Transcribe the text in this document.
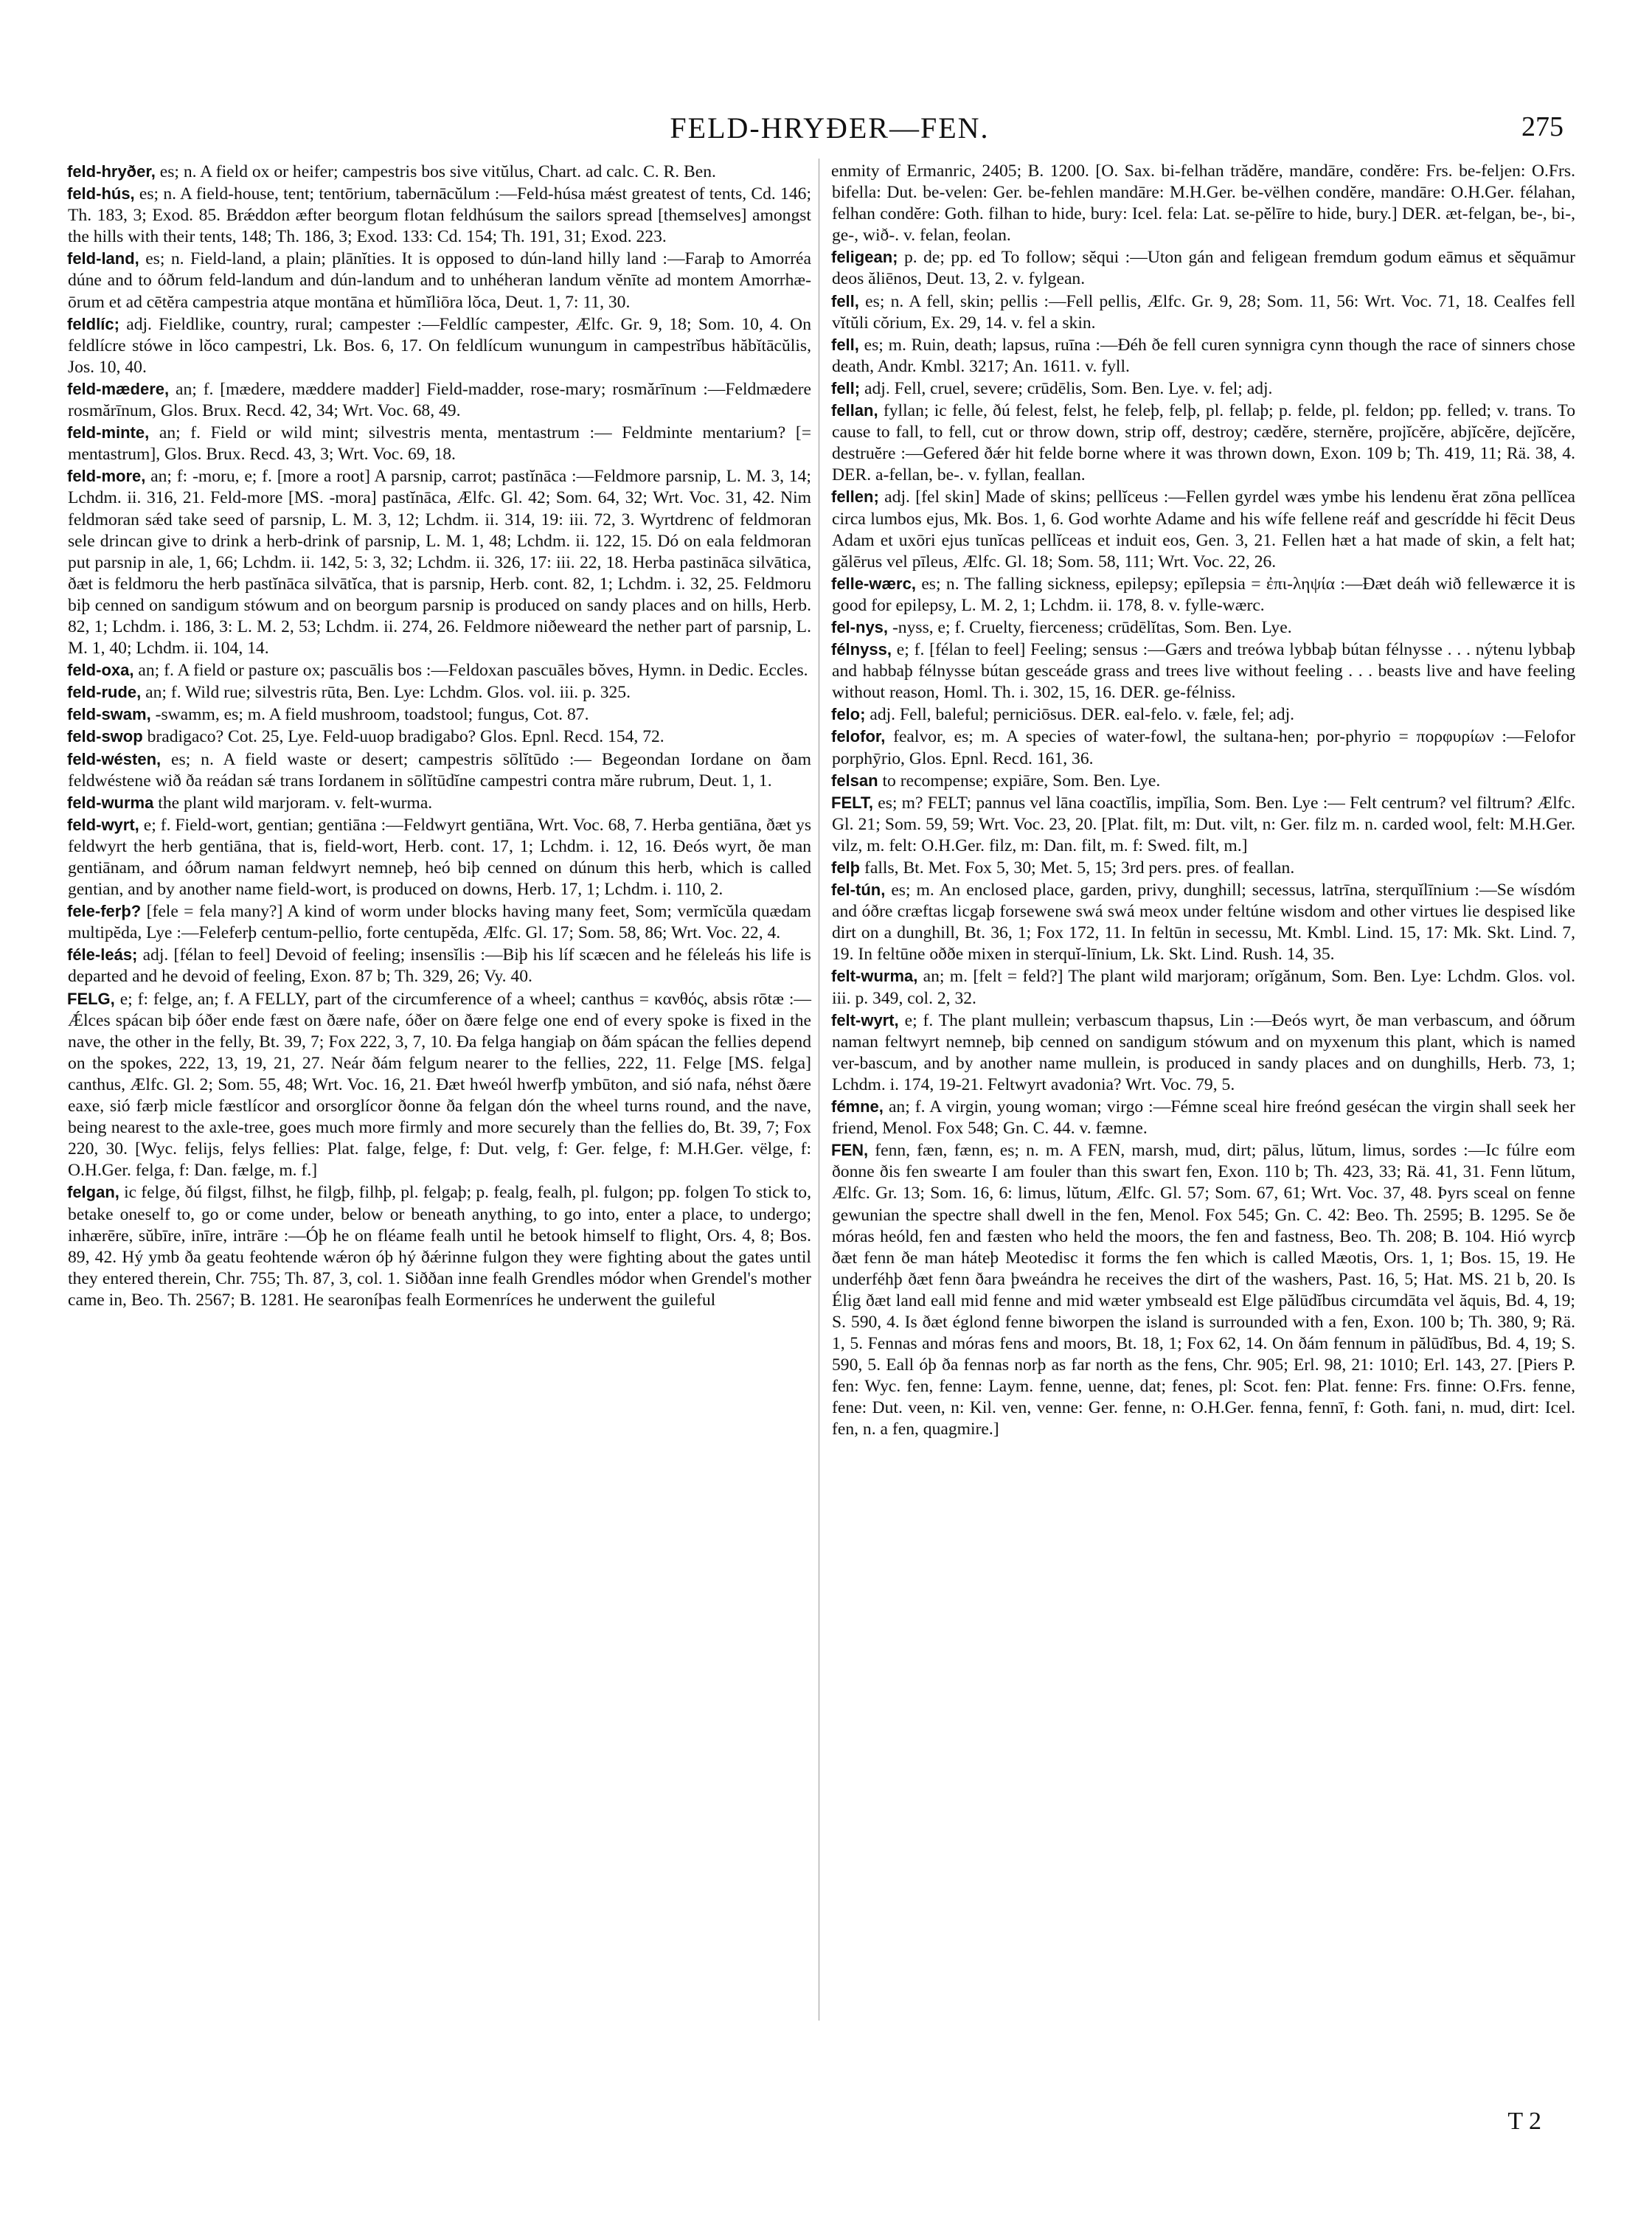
FELD-HRYÐER—FEN.	275

feld-hryðer, es; n. A field ox or heifer; campestris bos sive vitŭlus, Chart. ad calc. C. R. Ben.

feld-hús, es; n. A field-house, tent; tentōrium, tabernācŭlum :—Feld-húsa mǽst greatest of tents, Cd. 146; Th. 183, 3; Exod. 85. Brǽddon æfter beorgum flotan feldhúsum the sailors spread [themselves] amongst the hills with their tents, 148; Th. 186, 3; Exod. 133: Cd. 154; Th. 191, 31; Exod. 223.

feld-land, es; n. Field-land, a plain; plānĭties. It is opposed to dún-land hilly land :—Faraþ to Amorréa dúne and to óðrum feld-landum and dún-landum and to unhéheran landum vĕnīte ad montem Amorrhæ-ōrum et ad cētĕra campestria atque montāna et hŭmĭliōra lŏca, Deut. 1, 7: 11, 30.

feldlíc; adj. Fieldlike, country, rural; campester :—Feldlíc campester, Ælfc. Gr. 9, 18; Som. 10, 4. On feldlícre stówe in lŏco campestri, Lk. Bos. 6, 17. On feldlícum wunungum in campestrĭbus hăbĭtācŭlis, Jos. 10, 40.

feld-mædere, an; f. [mædere, mæddere madder] Field-madder, rose-mary; rosmărīnum :—Feldmædere rosmărīnum, Glos. Brux. Recd. 42, 34; Wrt. Voc. 68, 49.

feld-minte, an; f. Field or wild mint; silvestris menta, mentastrum :— Feldminte mentarium? [= mentastrum], Glos. Brux. Recd. 43, 3; Wrt. Voc. 69, 18.

feld-more, an; f: -moru, e; f. [more a root] A parsnip, carrot; pastĭnāca :—Feldmore parsnip, L. M. 3, 14; Lchdm. ii. 316, 21. Feld-more [MS. -mora] pastĭnāca, Ælfc. Gl. 42; Som. 64, 32; Wrt. Voc. 31, 42. Nim feldmoran sǽd take seed of parsnip, L. M. 3, 12; Lchdm. ii. 314, 19: iii. 72, 3. Wyrtdrenc of feldmoran sele drincan give to drink a herb-drink of parsnip, L. M. 1, 48; Lchdm. ii. 122, 15. Dó on eala feldmoran put parsnip in ale, 1, 66; Lchdm. ii. 142, 5: 3, 32; Lchdm. ii. 326, 17: iii. 22, 18. Herba pastināca silvātica, ðæt is feldmoru the herb pastĭnāca silvātĭca, that is parsnip, Herb. cont. 82, 1; Lchdm. i. 32, 25. Feldmoru biþ cenned on sandigum stówum and on beorgum parsnip is produced on sandy places and on hills, Herb. 82, 1; Lchdm. i. 186, 3: L. M. 2, 53; Lchdm. ii. 274, 26. Feldmore niðeweard the nether part of parsnip, L. M. 1, 40; Lchdm. ii. 104, 14.

feld-oxa, an; f. A field or pasture ox; pascuālis bos :—Feldoxan pascuāles bŏves, Hymn. in Dedic. Eccles.

feld-rude, an; f. Wild rue; silvestris rūta, Ben. Lye: Lchdm. Glos. vol. iii. p. 325.

feld-swam, -swamm, es; m. A field mushroom, toadstool; fungus, Cot. 87.

feld-swop bradigaco? Cot. 25, Lye. Feld-uuop bradigabo? Glos. Epnl. Recd. 154, 72.

feld-wésten, es; n. A field waste or desert; campestris sōlĭtūdo :— Begeondan Iordane on ðam feldwéstene wið ða reádan sǽ trans Iordanem in sōlĭtūdĭne campestri contra măre rubrum, Deut. 1, 1.

feld-wurma the plant wild marjoram. v. felt-wurma.

feld-wyrt, e; f. Field-wort, gentian; gentiāna :—Feldwyrt gentiāna, Wrt. Voc. 68, 7. Herba gentiāna, ðæt ys feldwyrt the herb gentiāna, that is, field-wort, Herb. cont. 17, 1; Lchdm. i. 12, 16. Ðeós wyrt, ðe man gentiānam, and óðrum naman feldwyrt nemneþ, heó biþ cenned on dúnum this herb, which is called gentian, and by another name field-wort, is produced on downs, Herb. 17, 1; Lchdm. i. 110, 2.

fele-ferþ? [fele = fela many?] A kind of worm under blocks having many feet, Som; vermĭcŭla quædam multipĕda, Lye :—Feleferþ centum-pellio, forte centupĕda, Ælfc. Gl. 17; Som. 58, 86; Wrt. Voc. 22, 4.

féle-leás; adj. [félan to feel] Devoid of feeling; insensĭlis :—Biþ his líf scæcen and he féleleás his life is departed and he devoid of feeling, Exon. 87 b; Th. 329, 26; Vy. 40.

FELG, e; f: felge, an; f. A FELLY, part of the circumference of a wheel; canthus = κανθός, absis rōtæ :—Ǽlces spácan biþ óðer ende fæst on ðære nafe, óðer on ðære felge one end of every spoke is fixed in the nave, the other in the felly, Bt. 39, 7; Fox 222, 3, 7, 10. Ða felga hangiaþ on ðám spácan the fellies depend on the spokes, 222, 13, 19, 21, 27. Neár ðám felgum nearer to the fellies, 222, 11. Felge [MS. felga] canthus, Ælfc. Gl. 2; Som. 55, 48; Wrt. Voc. 16, 21. Ðæt hweól hwerfþ ymbūton, and sió nafa, néhst ðære eaxe, sió færþ micle fæstlícor and orsorglícor ðonne ða felgan dón the wheel turns round, and the nave, being nearest to the axle-tree, goes much more firmly and more securely than the fellies do, Bt. 39, 7; Fox 220, 30. [Wyc. felijs, felys fellies: Plat. falge, felge, f: Dut. velg, f: Ger. felge, f: M.H.Ger. vëlge, f: O.H.Ger. felga, f: Dan. fælge, m. f.]

felgan, ic felge, ðú filgst, filhst, he filgþ, filhþ, pl. felgaþ; p. fealg, fealh, pl. fulgon; pp. folgen To stick to, betake oneself to, go or come under, below or beneath anything, to go into, enter a place, to undergo; inhærēre, sŭbīre, inīre, intrāre :—Óþ he on fléame fealh until he betook himself to flight, Ors. 4, 8; Bos. 89, 42. Hý ymb ða geatu feohtende wǽron óþ hý ðǽrinne fulgon they were fighting about the gates until they entered therein, Chr. 755; Th. 87, 3, col. 1. Siððan inne fealh Grendles módor when Grendel's mother came in, Beo. Th. 2567; B. 1281. He searoníþas fealh Eormenríces he underwent the guileful

enmity of Ermanric, 2405; B. 1200. [O. Sax. bi-felhan trădĕre, mandāre, condĕre: Frs. be-feljen: O.Frs. bifella: Dut. be-velen: Ger. be-fehlen mandāre: M.H.Ger. be-vëlhen condĕre, mandāre: O.H.Ger. félahan, felhan condĕre: Goth. filhan to hide, bury: Icel. fela: Lat. se-pĕlīre to hide, bury.] DER. æt-felgan, be-, bi-, ge-, wið-. v. felan, feolan.

feligean; p. de; pp. ed To follow; sĕqui :—Uton gán and feligean fremdum godum eāmus et sĕquāmur deos ăliēnos, Deut. 13, 2. v. fylgean.

fell, es; n. A fell, skin; pellis :—Fell pellis, Ælfc. Gr. 9, 28; Som. 11, 56: Wrt. Voc. 71, 18. Cealfes fell vĭtŭli cŏrium, Ex. 29, 14. v. fel a skin.

fell, es; m. Ruin, death; lapsus, ruīna :—Ðéh ðe fell curen synnigra cynn though the race of sinners chose death, Andr. Kmbl. 3217; An. 1611. v. fyll.

fell; adj. Fell, cruel, severe; crūdēlis, Som. Ben. Lye. v. fel; adj.

fellan, fyllan; ic felle, ðú felest, felst, he feleþ, felþ, pl. fellaþ; p. felde, pl. feldon; pp. felled; v. trans. To cause to fall, to fell, cut or throw down, strip off, destroy; cædĕre, sternĕre, projĭcĕre, abjĭcĕre, dejĭcĕre, destruĕre :—Gefered ðǽr hit felde borne where it was thrown down, Exon. 109 b; Th. 419, 11; Rä. 38, 4. DER. a-fellan, be-. v. fyllan, feallan.

fellen; adj. [fel skin] Made of skins; pellĭceus :—Fellen gyrdel wæs ymbe his lendenu ĕrat zōna pellĭcea circa lumbos ejus, Mk. Bos. 1, 6. God worhte Adame and his wífe fellene reáf and gescrídde hi fēcit Deus Adam et uxōri ejus tunĭcas pellĭceas et induit eos, Gen. 3, 21. Fellen hæt a hat made of skin, a felt hat; gălērus vel pīleus, Ælfc. Gl. 18; Som. 58, 111; Wrt. Voc. 22, 26.

felle-wærc, es; n. The falling sickness, epilepsy; epĭlepsia = ἐπι-ληψία :—Ðæt deáh wið fellewærce it is good for epilepsy, L. M. 2, 1; Lchdm. ii. 178, 8. v. fylle-wærc.

fel-nys, -nyss, e; f. Cruelty, fierceness; crūdēlĭtas, Som. Ben. Lye.

félnyss, e; f. [félan to feel] Feeling; sensus :—Gærs and treówa lybbaþ bútan félnysse . . . nýtenu lybbaþ and habbaþ félnysse bútan gesceáde grass and trees live without feeling . . . beasts live and have feeling without reason, Homl. Th. i. 302, 15, 16. DER. ge-félniss.

felo; adj. Fell, baleful; perniciōsus. DER. eal-felo. v. fæle, fel; adj.

felofor, fealvor, es; m. A species of water-fowl, the sultana-hen; por-phyrio = πορφυρίων :—Felofor porphȳrio, Glos. Epnl. Recd. 161, 36.

felsan to recompense; expiāre, Som. Ben. Lye.

FELT, es; m? FELT; pannus vel lāna coactĭlis, impĭlia, Som. Ben. Lye :— Felt centrum? vel filtrum? Ælfc. Gl. 21; Som. 59, 59; Wrt. Voc. 23, 20. [Plat. filt, m: Dut. vilt, n: Ger. filz m. n. carded wool, felt: M.H.Ger. vilz, m. felt: O.H.Ger. filz, m: Dan. filt, m. f: Swed. filt, m.]

felþ falls, Bt. Met. Fox 5, 30; Met. 5, 15; 3rd pers. pres. of feallan.

fel-tún, es; m. An enclosed place, garden, privy, dunghill; secessus, latrīna, sterquĭlīnium :—Se wísdóm and óðre cræftas licgaþ forsewene swá swá meox under feltúne wisdom and other virtues lie despised like dirt on a dunghill, Bt. 36, 1; Fox 172, 11. In feltūn in secessu, Mt. Kmbl. Lind. 15, 17: Mk. Skt. Lind. 7, 19. In feltūne oððe mixen in sterquĭ-līnium, Lk. Skt. Lind. Rush. 14, 35.

felt-wurma, an; m. [felt = feld?] The plant wild marjoram; orĭgănum, Som. Ben. Lye: Lchdm. Glos. vol. iii. p. 349, col. 2, 32.

felt-wyrt, e; f. The plant mullein; verbascum thapsus, Lin :—Ðeós wyrt, ðe man verbascum, and óðrum naman feltwyrt nemneþ, biþ cenned on sandigum stówum and on myxenum this plant, which is named ver-bascum, and by another name mullein, is produced in sandy places and on dunghills, Herb. 73, 1; Lchdm. i. 174, 19-21. Feltwyrt avadonia? Wrt. Voc. 79, 5.

fémne, an; f. A virgin, young woman; virgo :—Fémne sceal hire freónd gesécan the virgin shall seek her friend, Menol. Fox 548; Gn. C. 44. v. fæmne.

FEN, fenn, fæn, fænn, es; n. m. A FEN, marsh, mud, dirt; pālus, lŭtum, limus, sordes :—Ic fúlre eom ðonne ðis fen swearte I am fouler than this swart fen, Exon. 110 b; Th. 423, 33; Rä. 41, 31. Fenn lŭtum, Ælfc. Gr. 13; Som. 16, 6: limus, lŭtum, Ælfc. Gl. 57; Som. 67, 61; Wrt. Voc. 37, 48. Þyrs sceal on fenne gewunian the spectre shall dwell in the fen, Menol. Fox 545; Gn. C. 42: Beo. Th. 2595; B. 1295. Se ðe móras heóld, fen and fæsten who held the moors, the fen and fastness, Beo. Th. 208; B. 104. Hió wyrcþ ðæt fenn ðe man háteþ Meotedisc it forms the fen which is called Mæotis, Ors. 1, 1; Bos. 15, 19. He underféhþ ðæt fenn ðara þweándra he receives the dirt of the washers, Past. 16, 5; Hat. MS. 21 b, 20. Is Élig ðæt land eall mid fenne and mid wæter ymbseald est Elge pălūdĭbus circumdāta vel ăquis, Bd. 4, 19; S. 590, 4. Is ðæt églond fenne biworpen the island is surrounded with a fen, Exon. 100 b; Th. 380, 9; Rä. 1, 5. Fennas and móras fens and moors, Bt. 18, 1; Fox 62, 14. On ðám fennum in pălūdĭbus, Bd. 4, 19; S. 590, 5. Eall óþ ða fennas norþ as far north as the fens, Chr. 905; Erl. 98, 21: 1010; Erl. 143, 27. [Piers P. fen: Wyc. fen, fenne: Laym. fenne, uenne, dat; fenes, pl: Scot. fen: Plat. fenne: Frs. finne: O.Frs. fenne, fene: Dut. veen, n: Kil. ven, venne: Ger. fenne, n: O.H.Ger. fenna, fennī, f: Goth. fani, n. mud, dirt: Icel. fen, n. a fen, quagmire.]

T 2
